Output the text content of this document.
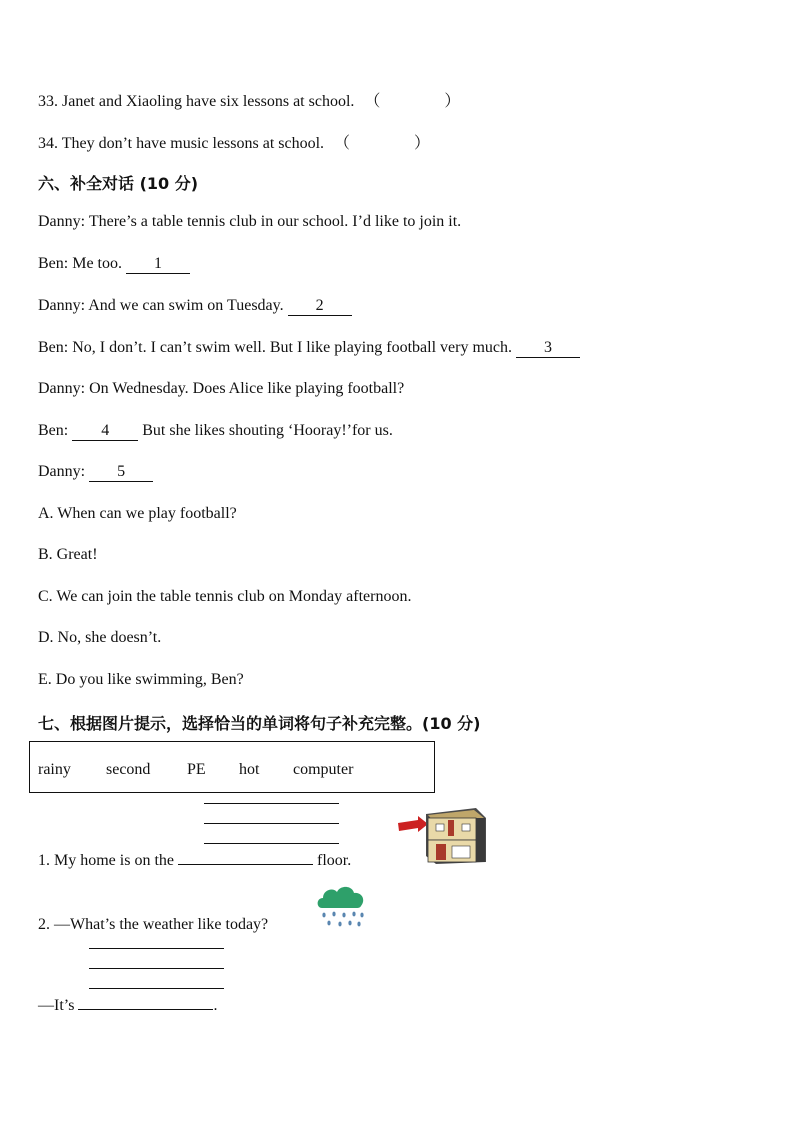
33. Janet and Xiaoling have six lessons at school. （　　　　）
34. They don’t have music lessons at school. （　　　　）
六、补全对话 (10 分)
Danny: There’s a table tennis club in our school. I’d like to join it.
Ben: Me too. 1
Danny: And we can swim on Tuesday. 2
Ben: No, I don’t. I can’t swim well. But I like playing football very much. 3
Danny: On Wednesday. Does Alice like playing football?
Ben: 4 But she likes shouting ‘Hooray!’for us.
Danny: 5
A. When can we play football?
B. Great!
C. We can join the table tennis club on Monday afternoon.
D. No, she doesn’t.
E. Do you like swimming, Ben?
七、根据图片提示，选择恰当的单词将句子补充完整。(10 分)
rainy second PE hot computer
1. My home is on the	floor.
2. —What’s the weather like today?
—It’s	.
